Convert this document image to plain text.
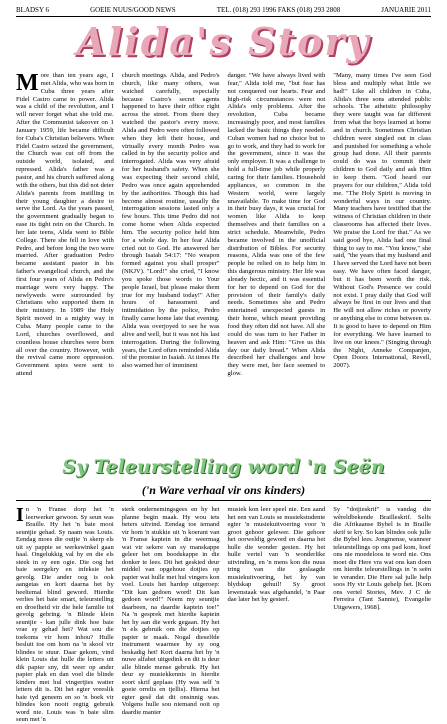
BLADSY 6	GOEIE NUUS/GOOD NEWS	TEL. (018) 293 1996 FAKS (018) 293 2808	JANUARIE 2011
Alida's Story
M ore than ten years ago, I met Alida, who was born in Cuba three years after Fidel Castro came to power. Alida was a child of the revolution, and I will never forget what she told me. After the Communist takeover on 1 January 1959, life became difficult for Cuba's Christian believers. When Fidel Castro seized the government, the Church was cut off from the outside world, isolated, and repressed. Alida's father was a pastor, and his church suffered along with the others, but this did not deter Alida's parents from instilling in their young daughter a desire to serve the Lord. As the years passed, the government gradually began to ease its tight rein on the Church. In her late teens, Alida went to Bible College. There she fell in love with Pedro, and before long the two were married. After graduation Pedro became assistant pastor in his father's evangelical church, and the first four years of Alida en Pedro's marriage were very happy. The newlyweds were surrounded by Christians who supported them in their ministry. In 1989 the Holy Spirit moved in a mighty way in Cuba. Many people came to the Lord, churches overflowed, and countless house churches were born all over the country. However, with the revival came more oppression. Government spies were sent to attend
church meetings. Alida, and Pedro's church, like many others, was watched carefully, especially because Castro's secret agents happened to have their office right across the street. From there they watched the pastor's every move. Alida and Pedro were often followed when they left their house, and virtually every month Pedro was called in by the security police and interrogated. Alida was very afraid for her husband's safety. When she was expecting their second child, Pedro was once again apprehended by the authorities. Though this had become almost routine, usually the interrogation sessions lasted only a few hours. This time Pedro did not come home when Alida expected him. The security police held him for a whole day. In her fear Alida cried out to God. He answered her through Isaiah 54:17: "No weapon formed against you shall prosper" (NKJV). "Lord!" she cried, "I know you spoke those words to Your people Israel, but please make them true for my husband today!" After hours of harassment and intimidation by the police, Pedro finally came home late that evening. Alida was overjoyed to see he was alive and well, but it was not his last interrogation. During the following years, the Lord often reminded Alida of the promise in Isaiah. At times He also warned her of imminent
danger. "We have always lived with fear," Alida told me, "but fear has not conquered our hearts. Fear and high-risk circumstances were not Alida's only problems. After the revolution, Cuba became increasingly poor, and most families lacked the basic things they needed. Cuban women had no choice but to go to work, and they had to work for the government, since it was the only employer. It was a challenge to hold a full-time job while properly caring for their families. Household appliances, so common in the Western world, were largely unavailable. To make time for God in their busy days, it was crucial for women like Alida to keep themselves and their families on a strict schedule. Meanwhile, Pedro became involved in the unofficial distribution of Bibles. For security reasons, Alida was one of the few people he relied on to help him in this dangerous ministry. Her life was already hectic, and it was essential for her to depend on God for the provision of their family's daily needs. Sometimes she and Pedro entertained unexpected guests in their home, which meant providing food they often did not have. All she could do was turn to her Father in heaven and ask Him: "Give us this day our daily bread." When Alida described her challenges and how they were met, her face seemed to glow.
"Many, many times I've seen God bless and multiply what little we had!" Like all children in Cuba, Alida's three sons attended public schools. The atheistic philosophy they were taught was far different from what the boys learned at home and in church. Sometimes Christian children were singled out in class and punished for something a whole group had done. All their parents could do was to commit their children to God daily and ask Him to keep them. "God heard our prayers for our children," Alida told me. "The Holy Spirit is moving in wonderful ways in our country. Many teachers have testified that the witness of Christian children in their classrooms has affected their lives. We praise the Lord for that." As we said good bye, Alida had one final thing to say to me. "You know," she said, "the years that my husband and I have served the Lord have not been easy. We have often faced danger, but it has been worth the risk. Without God's Presence we could not exist. I pray daily that God will always be first in our lives and that He will not allow riches or poverty or anything else to come between us. It is good to have to depend on Him for everything. We have learned to live on our knees." (Singing through the Night, Anneke Companjen, Open Doors International, Revell, 2007).
Sy Teleurstelling word 'n Seën
('n Ware verhaal vir ons kinders)
I n 'n Franse dorp het 'n leerwerker gewoon. Sy seun was Braille. Hy het 'n baie mooi seuntjie gehad. Sy naam was Louis. Eendag moes die outjie 'n skerp els uit sy pappie se werkswinkel gaan haal. Ongelukkig val hy en die els steek in sy een ogie. Die oog het baie seergekry en infeksie het gevolg. Die ander oog is ook aangetas en kort daarna het hy heeltemal blind geword. Hierdie verlies het baie smart, teleurstelling en droefheid vir die hele familie tot gevolg gebring. 'n Blinde klein seuntjie - kan julle dink hoe baie vrae sy gehad het? Wat sou die toekoms vir hom inhou? Hulle besluit toe om hom na 'n skool vir blindes te stuur. Daar gekom, vind klein Louis dat hulle die letters uit dik papier sny, dit weer op ander papier plak en dan voel die blinde kinders met hul vingertjies watter letters dit is. Dit het egter vreeslik baie tyd geneem en so 'n boek vir blindes kon nooit regtig gebruik word nie. Louis was 'n baie slim seun met 'n
sterk ondernemingsgees en hy het planne begin maak. Hy wou iets beters uitvind. Eendag toe iemand vir hom 'n stukkie uit 'n koerant van 'n Franse kaptein in die weermag wat vir sekere van sy manskappe geleer het om boodskappe in die donker te lees. Dit het geskied deur middel van opgehoue dotjies op papier wat hulle met hul vingers kon voel. Louis het hardop uitgeroep: "Dit kan gedoen word! Dit kan gedoen word!" Neem my seuntjie daarbeen, na daardie kaptein toe!" Na 'n gesprek met hierdie kaptein het hy aan die werk gegaan. Hy het 'n els gebruik om die dotjies op papier te maak. Nogal dieselfde instrument waarmee hy sy oog beskadig het! Kort daarna het hy 'n nuwe alfabet uitgedink en dit is deur alle blinde mense gebruik. Hy het deur sy musiekkennis in hierdie soort skrif geplaas (Hy was self 'n goeie orrelis en tjellis). Hierna het egter gesê dat dit onsinnig was. Volgens hulle sou niemand ooit op daardie manier
musiek kon leer speel nie. Een aand het een van Louis se musiekstudente egter 'n musiekuitvoering voor 'n groot gehoor gelewer. Die gehoor het oorweldig geword en daarna het hulle die wonder gesien. Hy het hulle vertel van 'n wonderlike uitvinding, en 'n mens kon die nuus tring van die geslaagde musiekuitvoering, het hy van blydskap gehuil! Sy groot lewenstaak was afgehandel, 'n Paar dae later het hy gesterf.
Sy "dotjieskrif" is vandag die wêreldbekende Brailleskrif. Selfs die Afrikaanse Bybel is in Braille skrif te kry. So kan blindes ook julle die Bybel lees. Jongmense, wanneer teleurstellings op ons pad kom, hoef ons nie moedeloos te word nie. Ons moet die Here vra wat ons kan doen om hierdie teleurstellings in 'n seën te verander. Die Here sal julle help soos Hy vir Louis gehelp het. [Kom ons vertel Stories, Mev. J C de Ferreira (Tant Sannie), Evangelie Uitgewers, 1968].
